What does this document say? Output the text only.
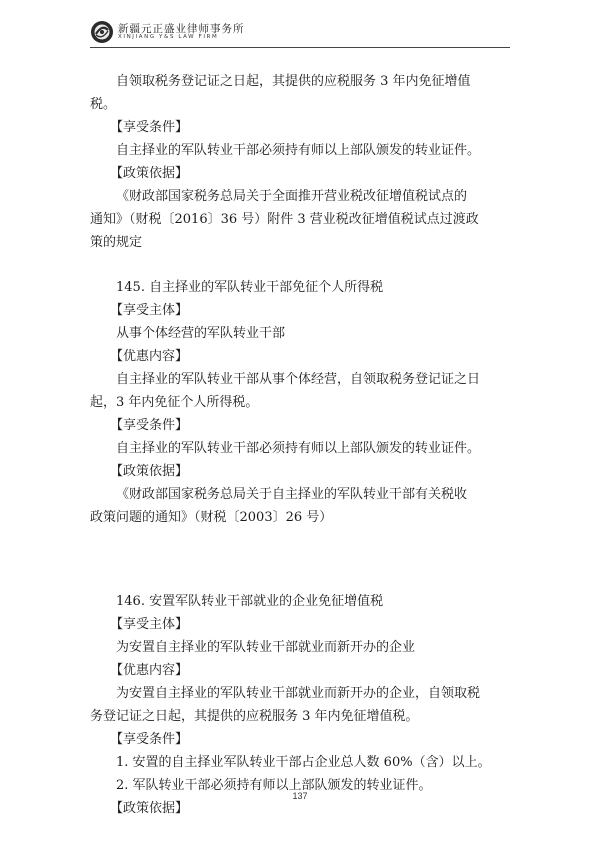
新疆元正盛业律师事务所
XINJIANG Y&S LAW FIRM

自领取税务登记证之日起，其提供的应税服务 3 年内免征增值

税。

【享受条件】

自主择业的军队转业干部必须持有师以上部队颁发的转业证件。

【政策依据】

《财政部国家税务总局关于全面推开营业税改征增值税试点的

通知》（财税〔2016〕36 号）附件 3 营业税改征增值税试点过渡政

策的规定

145. 自主择业的军队转业干部免征个人所得税

【享受主体】

从事个体经营的军队转业干部

【优惠内容】

自主择业的军队转业干部从事个体经营，自领取税务登记证之日

起，3 年内免征个人所得税。

【享受条件】

自主择业的军队转业干部必须持有师以上部队颁发的转业证件。

【政策依据】

《财政部国家税务总局关于自主择业的军队转业干部有关税收

政策问题的通知》（财税〔2003〕26 号）

146. 安置军队转业干部就业的企业免征增值税

【享受主体】

为安置自主择业的军队转业干部就业而新开办的企业

【优惠内容】

为安置自主择业的军队转业干部就业而新开办的企业，自领取税

务登记证之日起，其提供的应税服务 3 年内免征增值税。

【享受条件】

1. 安置的自主择业军队转业干部占企业总人数 60%（含）以上。

2. 军队转业干部必须持有师以上部队颁发的转业证件。

【政策依据】

137
